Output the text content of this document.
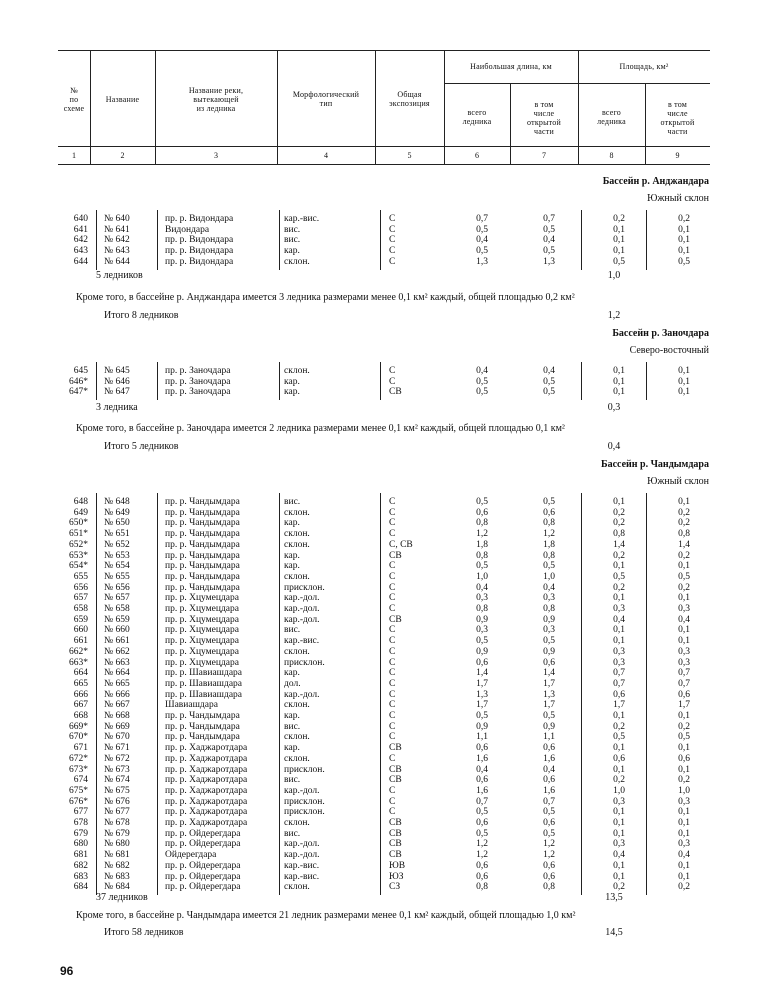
№
по
схеме
Название
Название реки,
вытекающей
из ледника
Морфологический
тип
Общая
экспозиция
Наибольшая длина, км	Площадь, км²
всего
ледника
в том
числе
открытой
части
всего
ледника
в том
числе
открытой
части
1	2	3	4	5	6	7	8	9
Бассейн р. Анджандара
Южный склон
640 № 640	пр. р. Видондара	кар.-вис.	С	0,7	0,7	0,2	0,2
641 № 641	Видондара	вис.	С	0,5	0,5	0,1	0,1
642 № 642	пр. р. Видондара	вис.	С	0,4	0,4	0,1	0,1
643 № 643	пр. р. Видондара	кар.	С	0,5	0,5	0,1	0,1
644 № 644	пр. р. Видондара	склон.	С	1,3	1,3	0,5	0,5
5 ледников	1,0
Кроме того, в бассейне р. Анджандара имеется 3 ледника размерами менее 0,1 км² каждый, общей площадью 0,2 км²
Итого 8 ледников	1,2
Бассейн р. Заночдара
Северо-восточный
645 № 645	пр. р. Заночдара	склон.	С	0,4	0,4	0,1	0,1
646* № 646	пр. р. Заночдара	кар.	С	0,5	0,5	0,1	0,1
647* № 647	пр. р. Заночдара	кар.	СВ	0,5	0,5	0,1	0,1
3 ледника	0,3
Кроме того, в бассейне р. Заночдара имеется 2 ледника размерами менее 0,1 км² каждый, общей площадью 0,1 км²
Итого 5 ледников	0,4
Бассейн р. Чандымдара
Южный склон
648 № 648	пр. р. Чандымдара	вис.	С	0,5	0,5	0,1	0,1
649 № 649	пр. р. Чандымдара	склон.	С	0,6	0,6	0,2	0,2
650* № 650	пр. р. Чандымдара	кар.	С	0,8	0,8	0,2	0,2
651* № 651	пр. р. Чандымдара	склон.	С	1,2	1,2	0,8	0,8
652* № 652	пр. р. Чандымдара	склон.	С, СВ	1,8	1,8	1,4	1,4
653* № 653	пр. р. Чандымдара	кар.	СВ	0,8	0,8	0,2	0,2
654* № 654	пр. р. Чандымдара	кар.	С	0,5	0,5	0,1	0,1
655 № 655	пр. р. Чандымдара	склон.	С	1,0	1,0	0,5	0,5
656 № 656	пр. р. Чандымдара	присклон.	С	0,4	0,4	0,2	0,2
657 № 657	пр. р. Хцумецдара	кар.-дол.	С	0,3	0,3	0,1	0,1
658 № 658	пр. р. Хцумецдара	кар.-дол.	С	0,8	0,8	0,3	0,3
659 № 659	пр. р. Хцумецдара	кар.-дол.	СВ	0,9	0,9	0,4	0,4
660 № 660	пр. р. Хцумецдара	вис.	С	0,3	0,3	0,1	0,1
661 № 661	пр. р. Хцумецдара	кар.-вис.	С	0,5	0,5	0,1	0,1
662* № 662	пр. р. Хцумецдара	склон.	С	0,9	0,9	0,3	0,3
663* № 663	пр. р. Хцумецдара	присклон.	С	0,6	0,6	0,3	0,3
664 № 664	пр. р. Шавиашдара	кар.	С	1,4	1,4	0,7	0,7
665 № 665	пр. р. Шавиашдара	дол.	С	1,7	1,7	0,7	0,7
666 № 666	пр. р. Шавиашдара	кар.-дол.	С	1,3	1,3	0,6	0,6
667 № 667	Шавиашдара	склон.	С	1,7	1,7	1,7	1,7
668 № 668	пр. р. Чандымдара	кар.	С	0,5	0,5	0,1	0,1
669* № 669	пр. р. Чандымдара	вис.	С	0,9	0,9	0,2	0,2
670* № 670	пр. р. Чандымдара	склон.	С	1,1	1,1	0,5	0,5
671 № 671	пр. р. Хаджаротдара	кар.	СВ	0,6	0,6	0,1	0,1
672* № 672	пр. р. Хаджаротдара	склон.	С	1,6	1,6	0,6	0,6
673* № 673	пр. р. Хаджаротдара	присклон.	СВ	0,4	0,4	0,1	0,1
674 № 674	пр. р. Хаджаротдара	вис.	СВ	0,6	0,6	0,2	0,2
675* № 675	пр. р. Хаджаротдара	кар.-дол.	С	1,6	1,6	1,0	1,0
676* № 676	пр. р. Хаджаротдара	присклон.	С	0,7	0,7	0,3	0,3
677 № 677	пр. р. Хаджаротдара	присклон.	С	0,5	0,5	0,1	0,1
678 № 678	пр. р. Хаджаротдара	склон.	СВ	0,6	0,6	0,1	0,1
679 № 679	пр. р. Ойдерегдара	вис.	СВ	0,5	0,5	0,1	0,1
680 № 680	пр. р. Ойдерегдара	кар.-дол.	СВ	1,2	1,2	0,3	0,3
681 № 681	Ойдерегдара	кар.-дол.	СВ	1,2	1,2	0,4	0,4
682 № 682	пр. р. Ойдерегдара	кар.-вис.	ЮВ	0,6	0,6	0,1	0,1
683 № 683	пр. р. Ойдерегдара	кар.-вис.	ЮЗ	0,6	0,6	0,1	0,1
684 № 684	пр. р. Ойдерегдара	склон.	СЗ	0,8	0,8	0,2	0,2
37 ледников	13,5
Кроме того, в бассейне р. Чандымдара имеется 21 ледник размерами менее 0,1 км² каждый, общей площадью 1,0 км²
Итого 58 ледников	14,5
96
